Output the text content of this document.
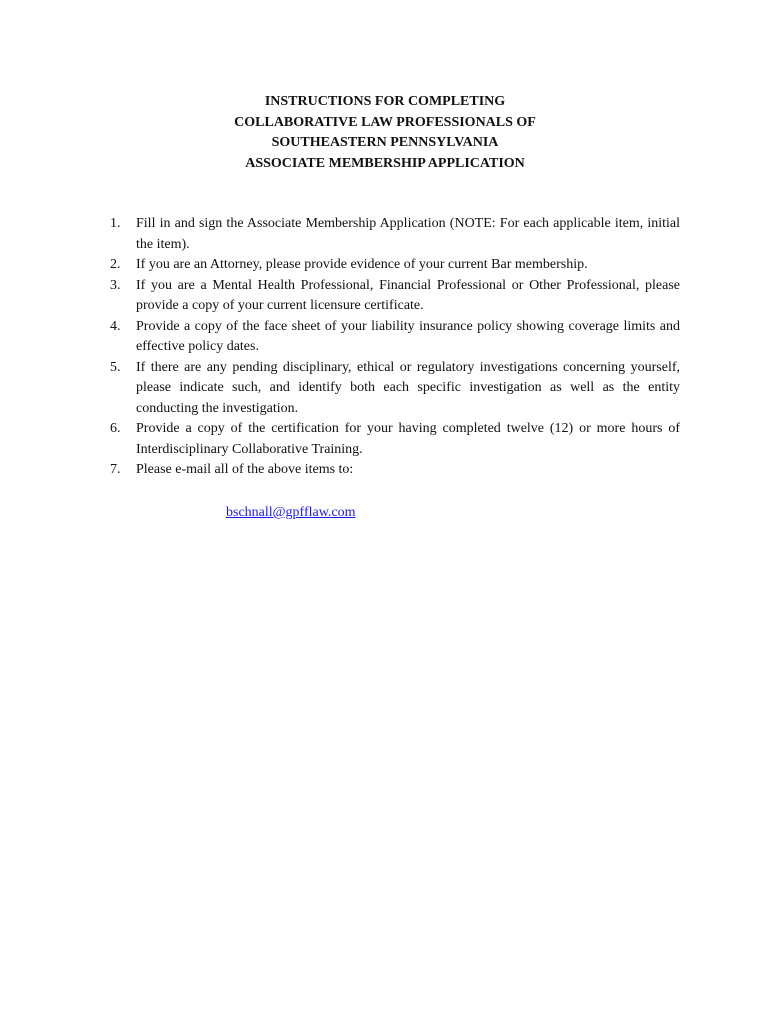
INSTRUCTIONS FOR COMPLETING
COLLABORATIVE LAW PROFESSIONALS OF
SOUTHEASTERN PENNSYLVANIA
ASSOCIATE MEMBERSHIP APPLICATION
1. Fill in and sign the Associate Membership Application (NOTE: For each applicable item, initial the item).
2. If you are an Attorney, please provide evidence of your current Bar membership.
3. If you are a Mental Health Professional, Financial Professional or Other Professional, please provide a copy of your current licensure certificate.
4. Provide a copy of the face sheet of your liability insurance policy showing coverage limits and effective policy dates.
5. If there are any pending disciplinary, ethical or regulatory investigations concerning yourself, please indicate such, and identify both each specific investigation as well as the entity conducting the investigation.
6. Provide a copy of the certification for your having completed twelve (12) or more hours of Interdisciplinary Collaborative Training.
7. Please e-mail all of the above items to:
bschnall@gpfflaw.com
